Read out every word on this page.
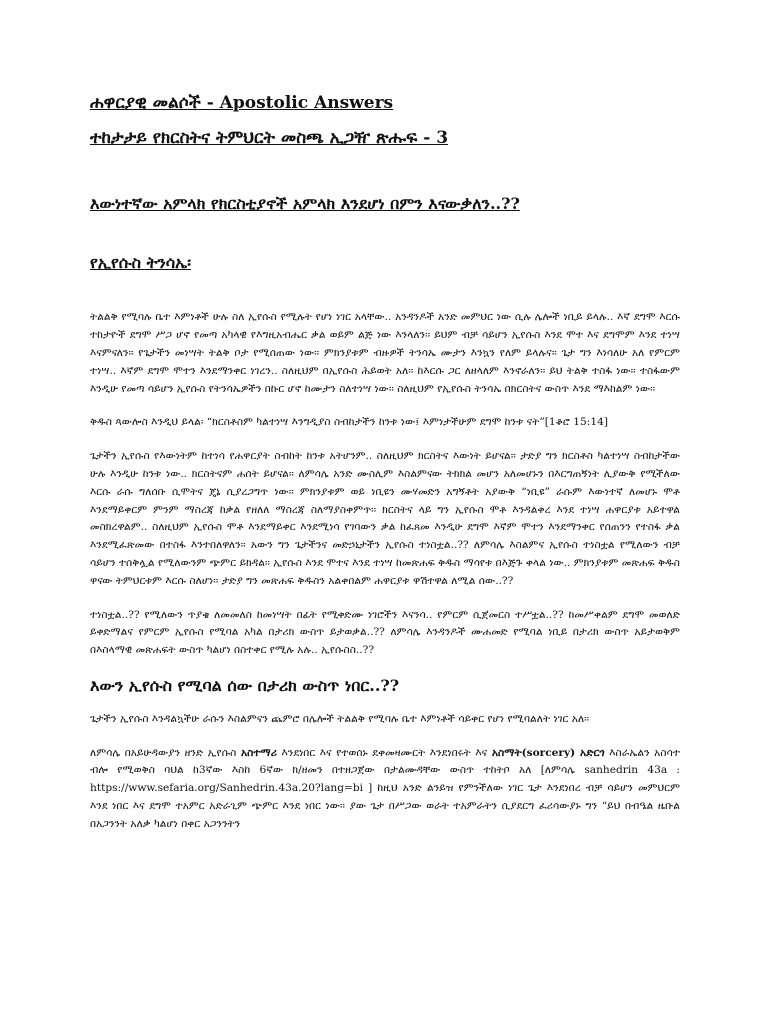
ሐዋርያዊ መልሶች - Apostolic Answers
ተከታታይ የክርስትና ትምህርት መስጫ ኢጋዥ ጽሑፍ - 3
እውነተኛው አምላክ የክርስቲያኖች አምላክ እንደሆነ በምን እናውቃለን..??
የኢየሱስ ትንሳኤ፡

ትልልቅ የሚባሉ ቤተ እምነቶች ሁሉ ስለ ኢየሱስ የሚሉት የሆነ ነገር አላቸው.. አንዳንዶች አንድ መምህር ነው ሲሉ ሌሎች ነቢይ ይላሉ.. እኛ ደግሞ እርሱ ተከታዮች ደግሞ ሥጋ ሆኖ የመጣ አካላዊ የእግዚአብሔር ቃል ወይም ልጅ ነው እንላለን፡፡ ይህም ብቻ ሳይሆን ኢየሱስ እንደ ሞተ እና ደግሞም እንደ ተነሣ እናምናለን፡፡ የጌታችን መነሣት ትልቅ ቦታ የሚሰጠው ነው፡፡ ምክንያቱም ብዙዎች ትንሳኤ ሙታን እንኳን የለም ይላሉና፡፡ ጌታ ግን እነሳለሁ አለ የምርም ተነሣ.. እኛም ደግሞ ሞተን እንደማንቀር ነገረን.. ስለዚህም በኢየሱስ ሕይወት አለ፡፡ ከእርሱ ጋር ለዘላለም እንኖራለን፡፡ ይህ ትልቅ ተስፋ ነው፡፡ ተስፋውም እንዲሁ የመጣ ሳይሆን ኢየሱስ የትንሳኤዎችን በኩር ሆኖ ከሙታን ስለተነሣ ነው፡፡ ስለዚህም የኢየሱስ ትንሳኤ በክርስትና ውስጥ እንደ ማእከልም ነው፡፡

ቅዱስ ጳውሎስ እንዲህ ይላል፡ “ክርስቶስም ካልተነሣ እንግዲያስ ስብከታችን ከንቱ ነው፤ እምነታችሁም ደግሞ ከንቱ ናት”[1ቆሮ 15:14]

ጌታችን ኢየሱስ የእውነትም ከተነሳ የሐዋርያት ስብከት ከንቱ አትሆንም.. ስለዚህም ክርስትና እውነት ይሆናል፡፡ ታድያ ግን ክርስቶስ ካልተነሣ ስብከታችው ሁሉ እንዲሁ ከንቱ ነው.. ክርስትናም ሐሰት ይሆናል፡፡ ለምሳሌ አንድ ሙስሊም እስልምናው ትክክል መሆን አለመሆኑን በእርግጠኝነት ሊያውቅ የሚችለው እርሱ ራሱ ግለሰቡ ሲሞትና ጄኔ ሲያረጋግጥ ነው፡፡ ምክንያቱም ወይ ነቢዩን ሙሃመድን አግኝቶት አያውቅ “ነቢዩ” ራሱም እውነተኛ ለመሆኑ ሞቶ እንደማይቀርም ምንም ማስረጃ ከቃል የዘለለ ማስረጃ ስለማያስቀምጥ፡፡ ክርስትና ላይ ግን ኢየሱስ ሞቶ እንዳልቀረ እንደ ተነሣ ሐዋርያቱ አይተዋል መስክረዋልም.. ስለዚህም ኢየሱስ ሞቶ እንደማይቀር እንደሚነሳ የገባውን ቃል ከፈጸመ እንዲሁ ደግሞ እኛም ሞተን እንደማንቀር የሰጠንን የተስፋ ቃል እንደሚፈጽመው በተስፋ እንተበለዋለን፡፡ አውን ግን ጌታችንና መድኃኒታችን ኢየሱስ ተነስቷል..?? ለምሳሌ እስልምና ኢየሱስ ተነስቷል የሚለውን ብቻ ሳይሆን ተሰቅሏል የሚለውንም ጭምር ይክዳል፡፡ ኢየሱስ እንደ ሞተና እንደ ተነሣ ከመጽሐፍ ቅዱስ ማሳየቱ በእጅጉ ቀላል ነው.. ምክንያቱም መጽሐፍ ቅዱስ ዋናው ትምህርቱም እርሱ ስለሆነ፡፡ ታድያ ግን መጽሐፍ ቅዱስን አልቀበልም ሐዋርያቱ ዋሽተዋል ለሚል ሰው..??

ተነስቷል..?? የሚለውን ጥያቄ ለመመለስ ከመነሣት በፊት የሚቀድሙ ነገሮችን እናንሳ.. የምርም ሲጀመርስ ተሥቷል..?? ከመሥቀልም ደግሞ መወለድ ይቀድማልና የምርም ኢየሱስ የሚባል አካል በታሪክ ውስጥ ይታወቃል..?? ለምሳሌ እንዳንዶች ሙሐመድ የሚባል ነቢይ በታሪክ ውስጥ አይታወቅም በእስላማዊ መጽሐፍት ውስጥ ካልሆነ በስተቀር የሚሉ አሉ.. ኢየሱስስ..??

እውን ኢየሱስ የሚባል ሰው በታሪክ ውስጥ ነበር..??

ጌታችን ኢየሱስ እንዳልኳችሁ ራሱን እስልምናን ጨምሮ በሌሎች ትልልቅ የሚባሉ ቤተ እምነቶች ሳይቀር የሆነ የሚባልለት ነገር አለ፡፡

ለምሳሌ በአይሁዳውያን ዘንድ ኢየሱስ አስተማሪ እንደነበር እና የተወሰኑ ደቀመዛሙርት እንደነበሩት እና አስማት(sorcery) አድርጎ እስራኤልን አስሳተ ብሎ የሚወቅስ ባህል ከ3ኛው እስከ 6ኛው ክ/ዘመን በተዘጋጀው በታልሙዳቸው ውስጥ ተከትቦ አለ [ለምሳሌ sanhedrin 43a : https://www.sefaria.org/Sanhedrin.43a.20?lang=bi ] ከዚህ አንድ ልንይዝ የምንችለው ነገር ጌታ እንደነበረ ብቻ ሳይሆን መምህርም እንደ ነበር እና ደግሞ ተአምር አድራጊም ጭምር እንደ ነበር ነው፡፡ ያው ጌታ በሥጋው ወራት ተአምራትን ሲያደርግ ፈሪሳውያኑ ግን “ይህ በብዔል ዜቡል በአጋንንት አለቃ ካልሆነ በቀር አጋንንትን
